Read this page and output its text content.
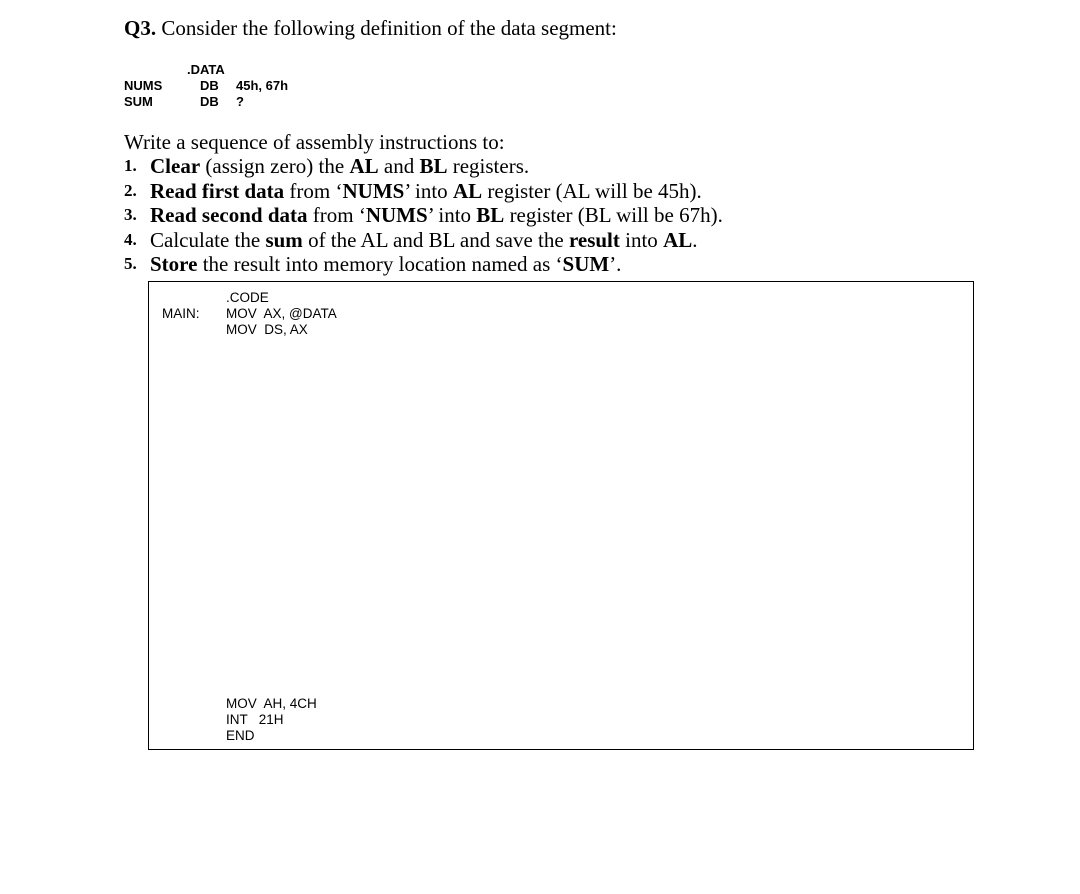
Q3. Consider the following definition of the data segment:
.DATA
NUMS	DB 45h, 67h
SUM	DB ?
Write a sequence of assembly instructions to:
1. Clear (assign zero) the AL and BL registers.
2. Read first data from ‘NUMS’ into AL register (AL will be 45h).
3. Read second data from ‘NUMS’ into BL register (BL will be 67h).
4. Calculate the sum of the AL and BL and save the result into AL.
5. Store the result into memory location named as ‘SUM’.
.CODE
MAIN: MOV  AX, @DATA
MOV  DS, AX
MOV  AH, 4CH
INT   21H
END
